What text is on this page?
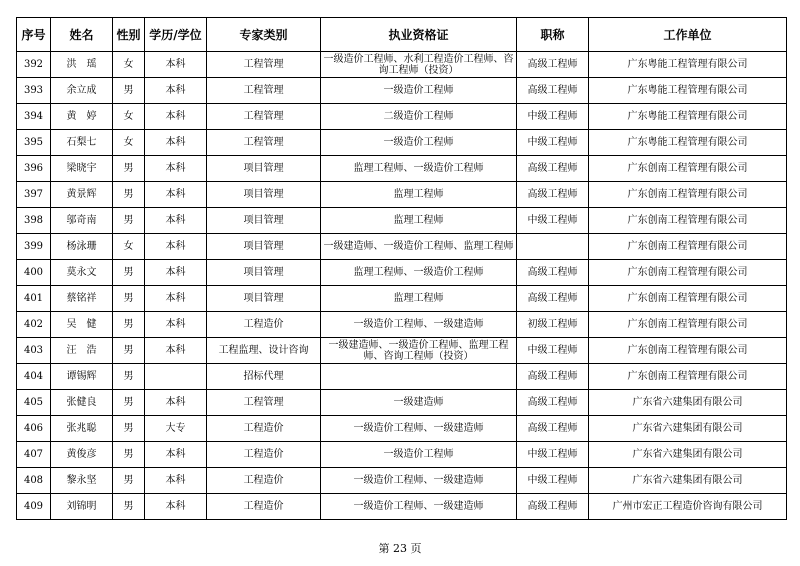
序号	姓名	性别	学历/学位	专家类别	执业资格证	职称	工作单位
392	洪　瑶	女	本科	工程管理	一级造价工程师、水利工程造价工程师、咨询工程师（投资）	高级工程师	广东粤能工程管理有限公司
393	余立成	男	本科	工程管理	一级造价工程师	高级工程师	广东粤能工程管理有限公司
394	黄　婷	女	本科	工程管理	二级造价工程师	中级工程师	广东粤能工程管理有限公司
395	石梨七	女	本科	工程管理	一级造价工程师	中级工程师	广东粤能工程管理有限公司
396	梁晓宇	男	本科	项目管理	监理工程师、一级造价工程师	高级工程师	广东创南工程管理有限公司
397	黄景辉	男	本科	项目管理	监理工程师	高级工程师	广东创南工程管理有限公司
398	邬奇南	男	本科	项目管理	监理工程师	中级工程师	广东创南工程管理有限公司
399	杨泳珊	女	本科	项目管理	一级建造师、一级造价工程师、监理工程师		广东创南工程管理有限公司
400	莫永文	男	本科	项目管理	监理工程师、一级造价工程师	高级工程师	广东创南工程管理有限公司
401	蔡铭祥	男	本科	项目管理	监理工程师	高级工程师	广东创南工程管理有限公司
402	吴　健	男	本科	工程造价	一级造价工程师、一级建造师	初级工程师	广东创南工程管理有限公司
403	汪　浩	男	本科	工程监理、设计咨询	一级建造师、一级造价工程师、监理工程师、咨询工程师（投资）	中级工程师	广东创南工程管理有限公司
404	谭锡辉	男		招标代理		高级工程师	广东创南工程管理有限公司
405	张健良	男	本科	工程管理	一级建造师	高级工程师	广东省六建集团有限公司
406	张兆聪	男	大专	工程造价	一级造价工程师、一级建造师	高级工程师	广东省六建集团有限公司
407	黄俊彦	男	本科	工程造价	一级造价工程师	中级工程师	广东省六建集团有限公司
408	黎永坚	男	本科	工程造价	一级造价工程师、一级建造师	中级工程师	广东省六建集团有限公司
409	刘锦明	男	本科	工程造价	一级造价工程师、一级建造师	高级工程师	广州市宏正工程造价咨询有限公司
第 23 页
